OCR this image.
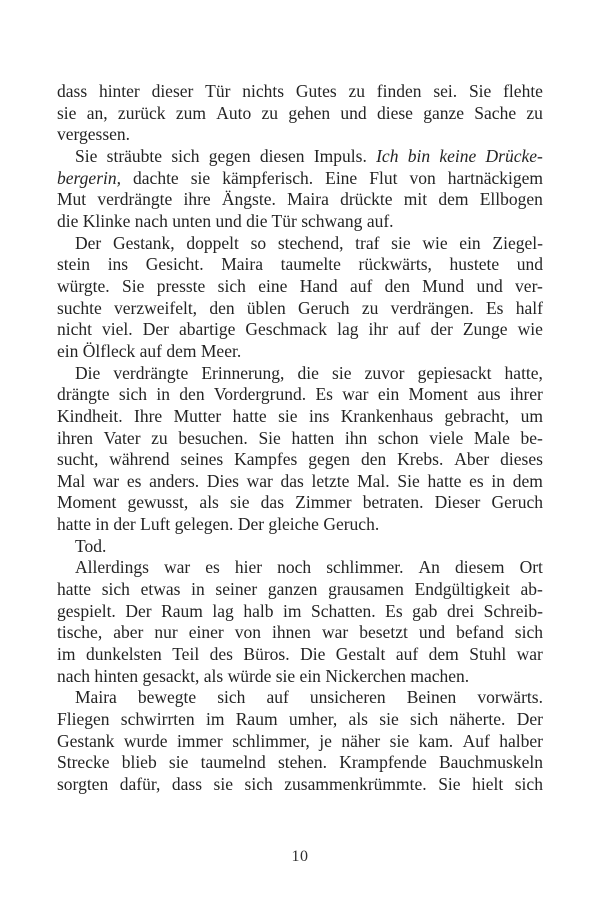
dass hinter dieser Tür nichts Gutes zu finden sei. Sie flehte
sie an, zurück zum Auto zu gehen und diese ganze Sache zu
vergessen.
Sie sträubte sich gegen diesen Impuls. Ich bin keine Drücke-
bergerin, dachte sie kämpferisch. Eine Flut von hartnäckigem
Mut verdrängte ihre Ängste. Maira drückte mit dem Ellbogen
die Klinke nach unten und die Tür schwang auf.
Der Gestank, doppelt so stechend, traf sie wie ein Ziegel-
stein ins Gesicht. Maira taumelte rückwärts, hustete und
würgte. Sie presste sich eine Hand auf den Mund und ver-
suchte verzweifelt, den üblen Geruch zu verdrängen. Es half
nicht viel. Der abartige Geschmack lag ihr auf der Zunge wie
ein Ölfleck auf dem Meer.
Die verdrängte Erinnerung, die sie zuvor gepiesackt hatte,
drängte sich in den Vordergrund. Es war ein Moment aus ihrer
Kindheit. Ihre Mutter hatte sie ins Krankenhaus gebracht, um
ihren Vater zu besuchen. Sie hatten ihn schon viele Male be-
sucht, während seines Kampfes gegen den Krebs. Aber dieses
Mal war es anders. Dies war das letzte Mal. Sie hatte es in dem
Moment gewusst, als sie das Zimmer betraten. Dieser Geruch
hatte in der Luft gelegen. Der gleiche Geruch.
Tod.
Allerdings war es hier noch schlimmer. An diesem Ort
hatte sich etwas in seiner ganzen grausamen Endgültigkeit ab-
gespielt. Der Raum lag halb im Schatten. Es gab drei Schreib-
tische, aber nur einer von ihnen war besetzt und befand sich
im dunkelsten Teil des Büros. Die Gestalt auf dem Stuhl war
nach hinten gesackt, als würde sie ein Nickerchen machen.
Maira bewegte sich auf unsicheren Beinen vorwärts.
Fliegen schwirrten im Raum umher, als sie sich näherte. Der
Gestank wurde immer schlimmer, je näher sie kam. Auf halber
Strecke blieb sie taumelnd stehen. Krampfende Bauchmuskeln
sorgten dafür, dass sie sich zusammenkrümmte. Sie hielt sich
10
